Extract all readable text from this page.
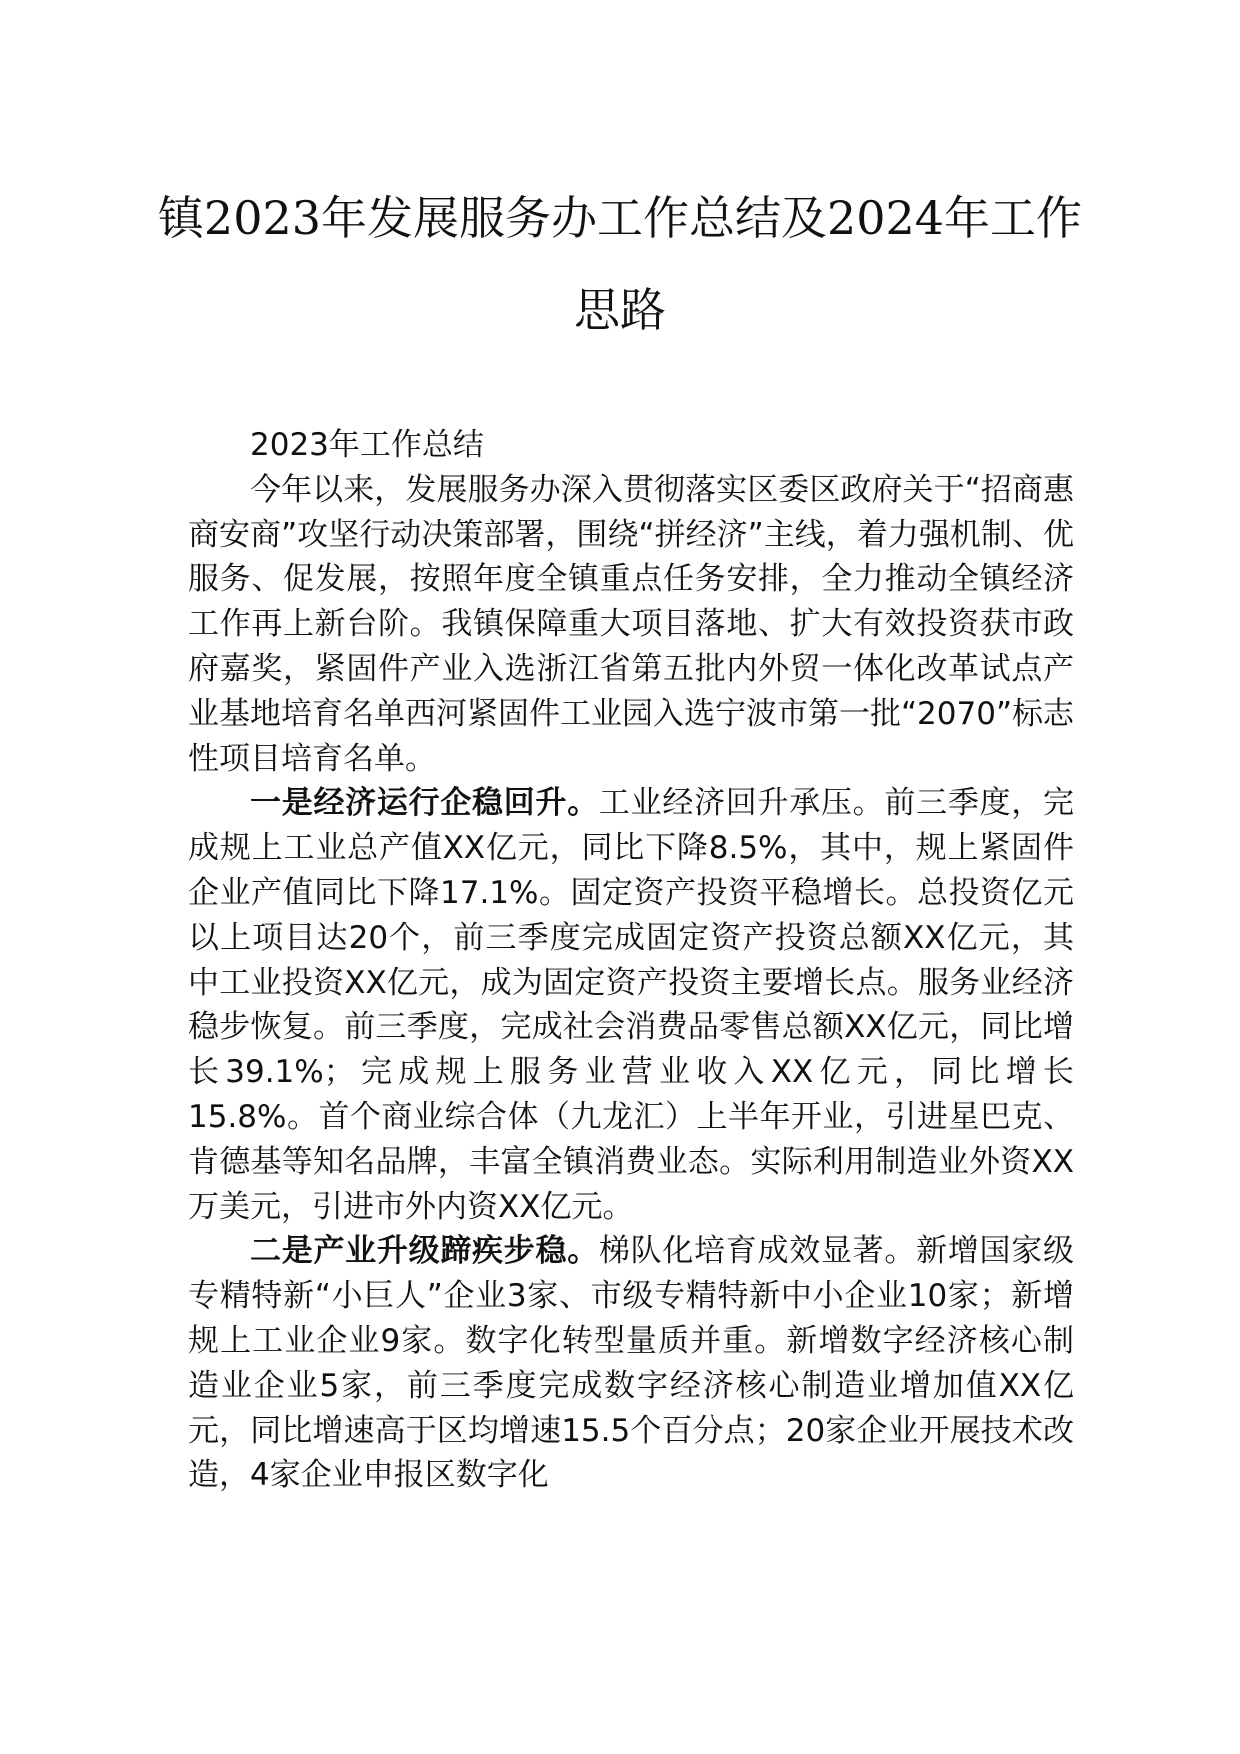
镇2023年发展服务办工作总结及2024年工作思路

2023年工作总结

今年以来，发展服务办深入贯彻落实区委区政府关于“招商惠商安商”攻坚行动决策部署，围绕“拼经济”主线，着力强机制、优服务、促发展，按照年度全镇重点任务安排，全力推动全镇经济工作再上新台阶。我镇保障重大项目落地、扩大有效投资获市政府嘉奖，紧固件产业入选浙江省第五批内外贸一体化改革试点产业基地培育名单西河紧固件工业园入选宁波市第一批“2070”标志性项目培育名单。

一是经济运行企稳回升。工业经济回升承压。前三季度，完成规上工业总产值XX亿元，同比下降8.5%，其中，规上紧固件企业产值同比下降17.1%。固定资产投资平稳增长。总投资亿元以上项目达20个，前三季度完成固定资产投资总额XX亿元，其中工业投资XX亿元，成为固定资产投资主要增长点。服务业经济稳步恢复。前三季度，完成社会消费品零售总额XX亿元，同比增长39.1%；完成规上服务业营业收入XX亿元，同比增长15.8%。首个商业综合体（九龙汇）上半年开业，引进星巴克、肯德基等知名品牌，丰富全镇消费业态。实际利用制造业外资XX万美元，引进市外内资XX亿元。

二是产业升级蹄疾步稳。梯队化培育成效显著。新增国家级专精特新“小巨人”企业3家、市级专精特新中小企业10家；新增规上工业企业9家。数字化转型量质并重。新增数字经济核心制造业企业5家，前三季度完成数字经济核心制造业增加值XX亿元，同比增速高于区均增速15.5个百分点；20家企业开展技术改造，4家企业申报区数字化
